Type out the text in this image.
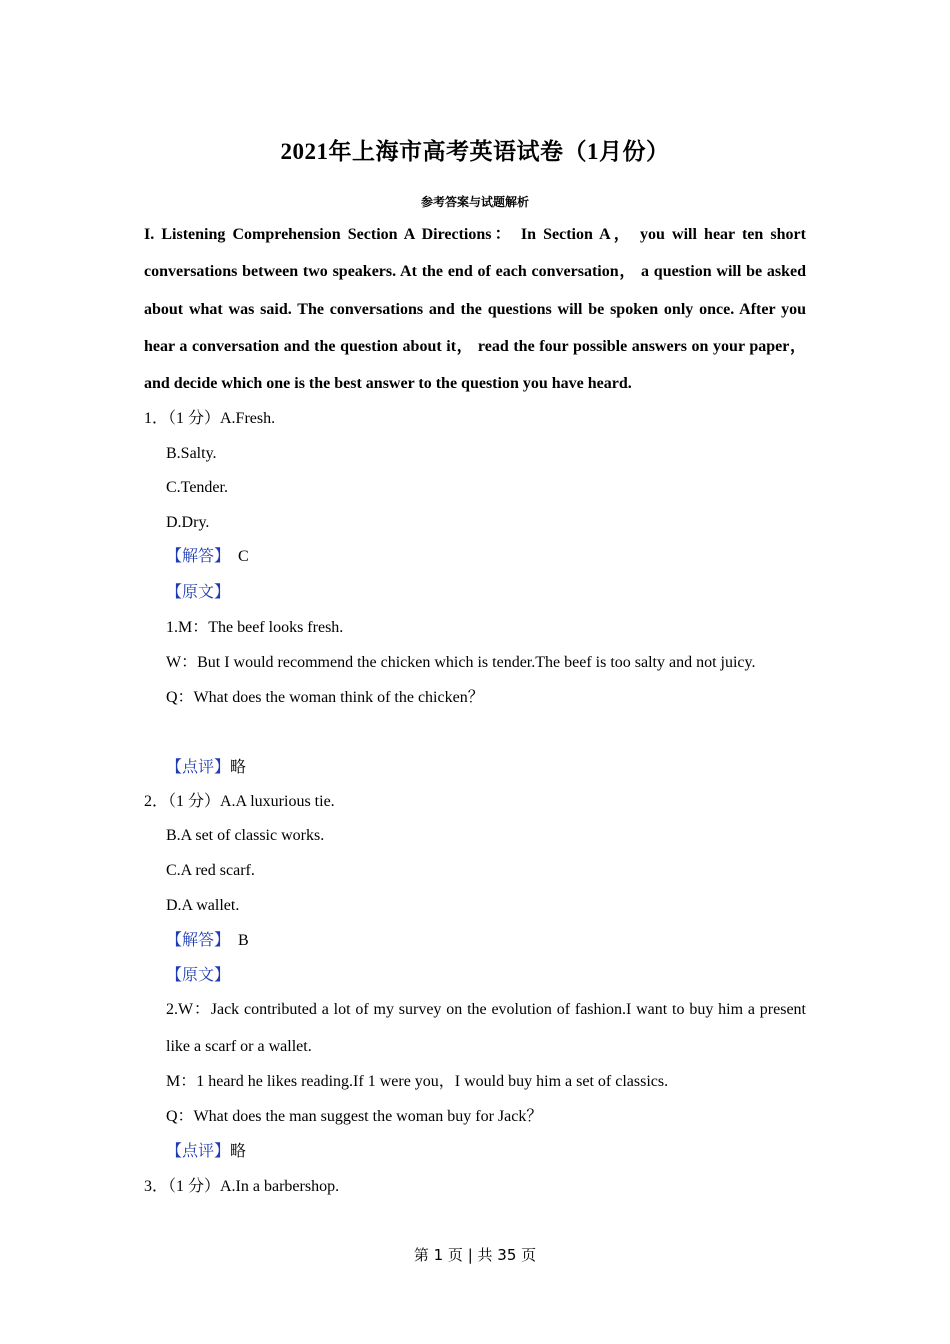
2021年上海市高考英语试卷（1月份）
参考答案与试题解析

I. Listening Comprehension Section A Directions： In Section A， you will hear ten short conversations between two speakers. At the end of each conversation， a question will be asked about what was said. The conversations and the questions will be spoken only once. After you hear a conversation and the question about it， read the four possible answers on your paper， and decide which one is the best answer to the question you have heard.

1．（1 分）A.Fresh.
B.Salty.
C.Tender.
D.Dry.
【解答】 C
【原文】
1.M：The beef looks fresh.
W：But I would recommend the chicken which is tender.The beef is too salty and not juicy.
Q：What does the woman think of the chicken？
【点评】略
2．（1 分）A.A luxurious tie.
B.A set of classic works.
C.A red scarf.
D.A wallet.
【解答】 B
【原文】

2.W：Jack contributed a lot of my survey on the evolution of fashion.I want to buy him a present like a scarf or a wallet.

M：1 heard he likes reading.If 1 were you，I would buy him a set of classics.
Q：What does the man suggest the woman buy for Jack？
【点评】略
3．（1 分）A.In a barbershop.
第 1 页 | 共 35 页
